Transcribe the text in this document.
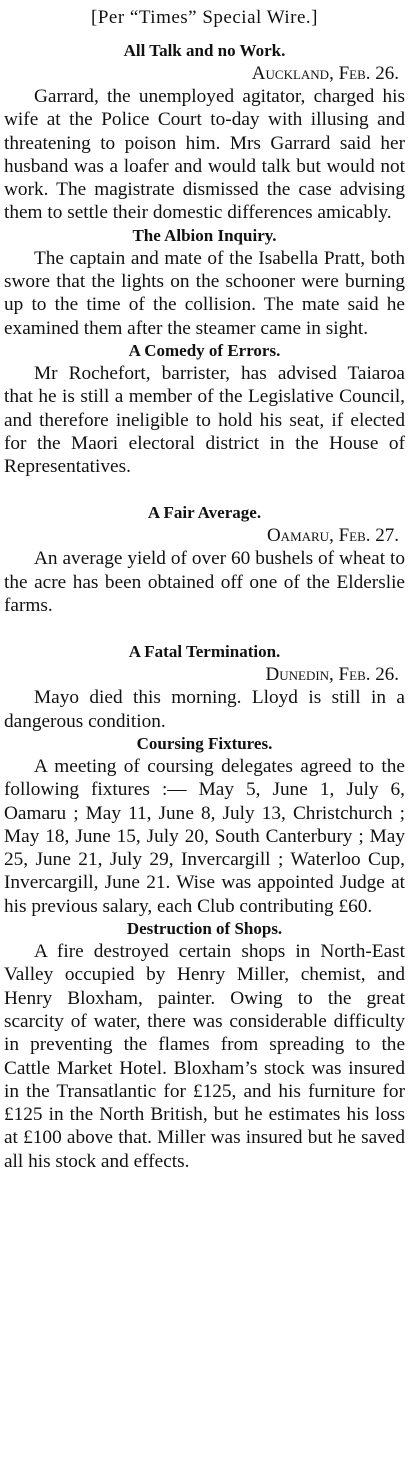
[Per “Times” Special Wire.]
All Talk and no Work.
Auckland, Feb. 26.

Garrard, the unemployed agitator, charged his wife at the Police Court to-day with illusing and threatening to poison him. Mrs Garrard said her husband was a loafer and would talk but would not work. The magistrate dismissed the case advising them to settle their domestic differences amicably.

The Albion Inquiry.

The captain and mate of the Isabella Pratt, both swore that the lights on the schooner were burning up to the time of the collision. The mate said he examined them after the steamer came in sight.

A Comedy of Errors.

Mr Rochefort, barrister, has advised Taiaroa that he is still a member of the Legislative Council, and therefore ineligible to hold his seat, if elected for the Maori electoral district in the House of Representatives.

A Fair Average.
Oamaru, Feb. 27.

An average yield of over 60 bushels of wheat to the acre has been obtained off one of the Elderslie farms.

A Fatal Termination.
Dunedin, Feb. 26.

Mayo died this morning. Lloyd is still in a dangerous condition.

Coursing Fixtures.

A meeting of coursing delegates agreed to the following fixtures :— May 5, June 1, July 6, Oamaru ; May 11, June 8, July 13, Christchurch ; May 18, June 15, July 20, South Canterbury ; May 25, June 21, July 29, Invercargill ; Waterloo Cup, Invercargill, June 21. Wise was appointed Judge at his previous salary, each Club contributing £60.

Destruction of Shops.

A fire destroyed certain shops in North-East Valley occupied by Henry Miller, chemist, and Henry Bloxham, painter. Owing to the great scarcity of water, there was considerable difficulty in preventing the flames from spreading to the Cattle Market Hotel. Bloxham’s stock was insured in the Transatlantic for £125, and his furniture for £125 in the North British, but he estimates his loss at £100 above that. Miller was insured but he saved all his stock and effects.
